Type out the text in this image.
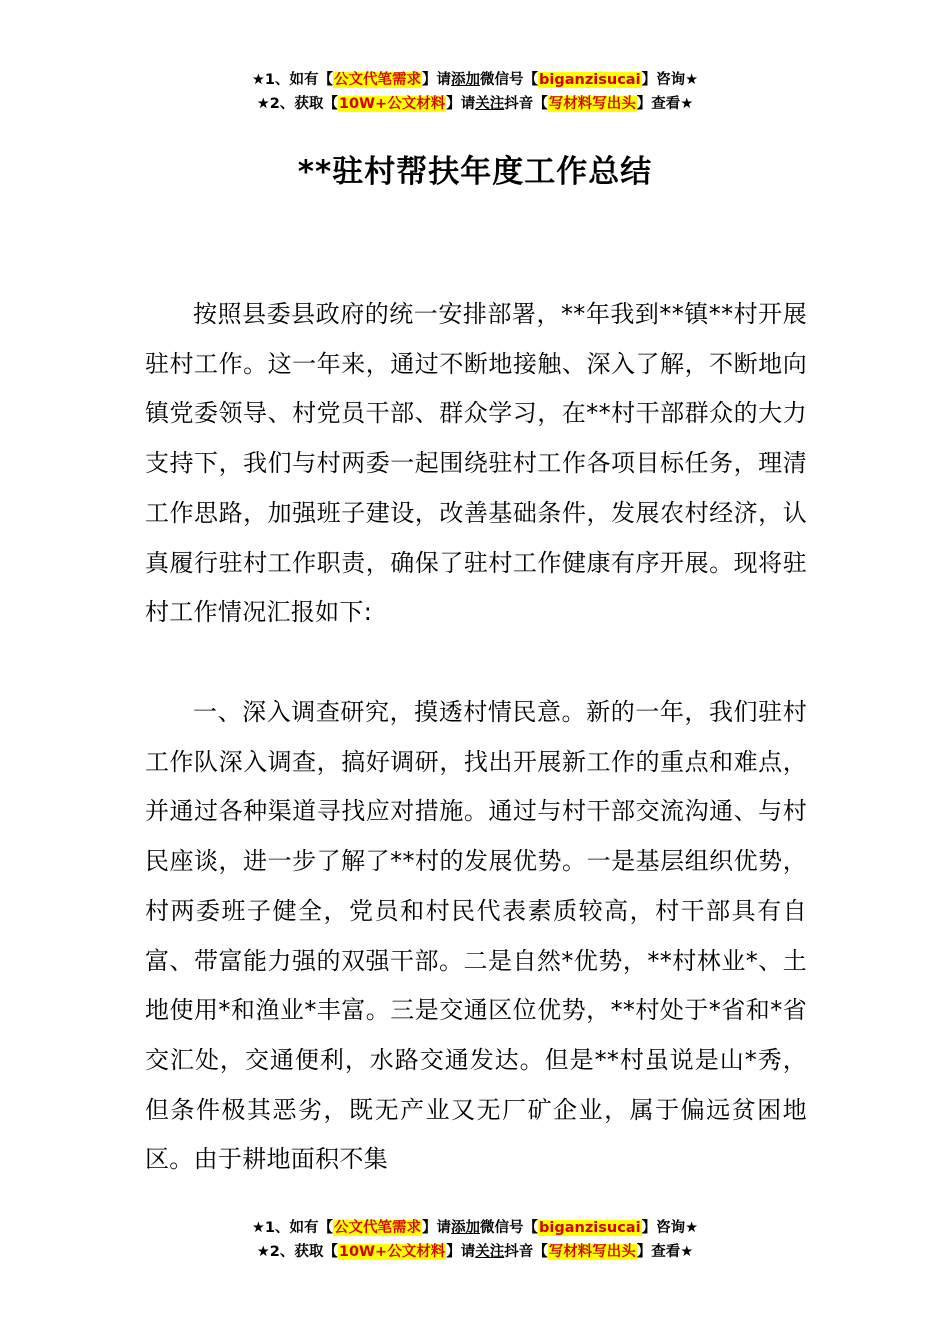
★1、如有【公文代笔需求】请添加微信号【biganzisucai】咨询★
★2、获取【10W+公文材料】请关注抖音【写材料写出头】查看★
**驻村帮扶年度工作总结

按照县委县政府的统一安排部署，**年我到**镇**村开展驻村工作。这一年来，通过不断地接触、深入了解，不断地向镇党委领导、村党员干部、群众学习，在**村干部群众的大力支持下，我们与村两委一起围绕驻村工作各项目标任务，理清工作思路，加强班子建设，改善基础条件，发展农村经济，认真履行驻村工作职责，确保了驻村工作健康有序开展。现将驻村工作情况汇报如下:

一、深入调查研究，摸透村情民意。新的一年，我们驻村工作队深入调查，搞好调研，找出开展新工作的重点和难点，并通过各种渠道寻找应对措施。通过与村干部交流沟通、与村民座谈，进一步了解了**村的发展优势。一是基层组织优势，村两委班子健全，党员和村民代表素质较高，村干部具有自富、带富能力强的双强干部。二是自然*优势，**村林业*、土地使用*和渔业*丰富。三是交通区位优势，**村处于*省和*省交汇处，交通便利，水路交通发达。但是**村虽说是山*秀，但条件极其恶劣，既无产业又无厂矿企业，属于偏远贫困地区。由于耕地面积不集

★1、如有【公文代笔需求】请添加微信号【biganzisucai】咨询★
★2、获取【10W+公文材料】请关注抖音【写材料写出头】查看★
